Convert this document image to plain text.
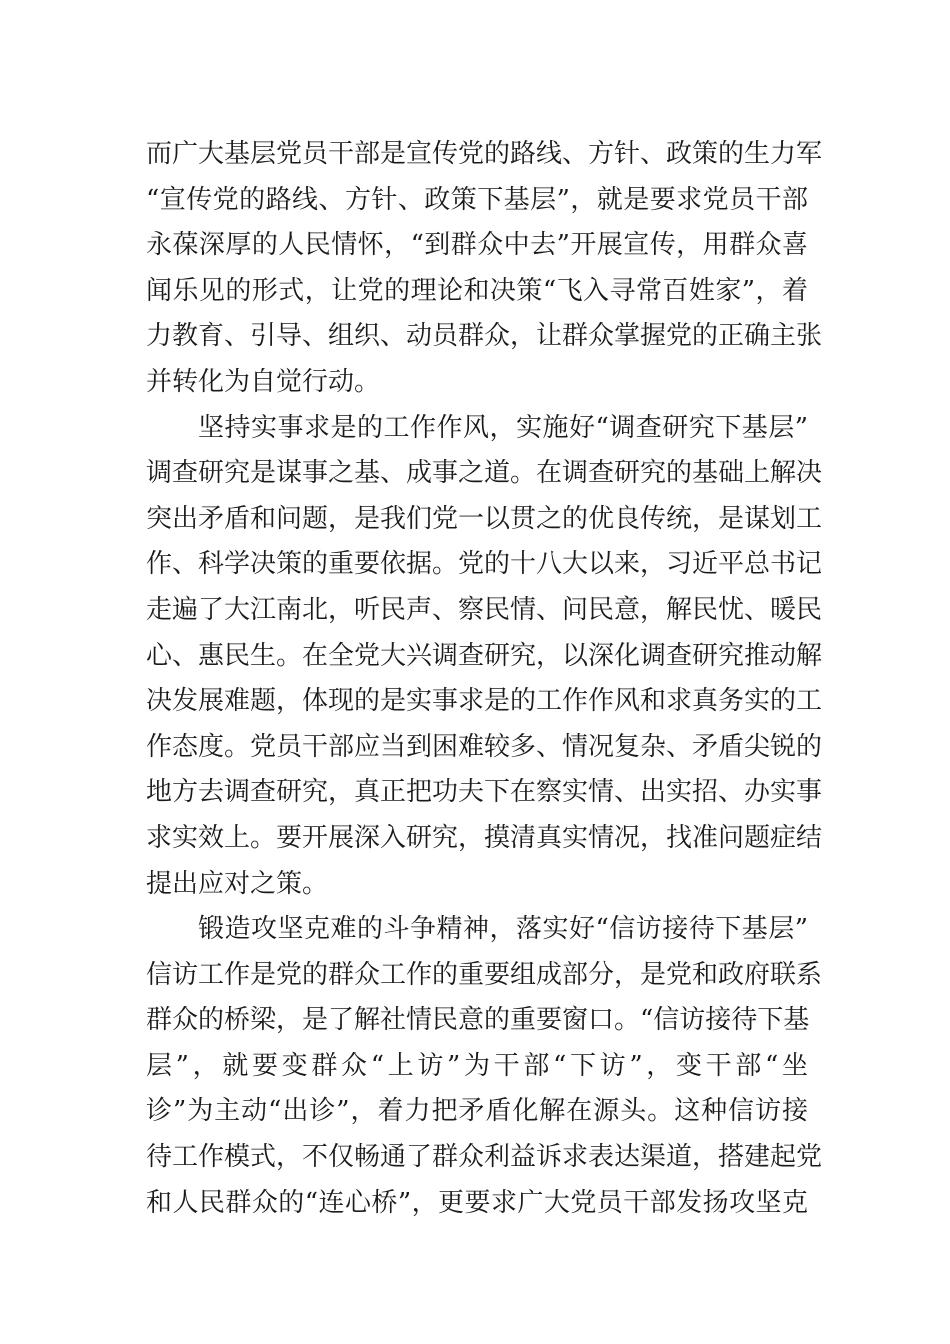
而广大基层党员干部是宣传党的路线、方针、政策的生力军
“宣传党的路线、方针、政策下基层”，就是要求党员干部
永葆深厚的人民情怀，“到群众中去”开展宣传，用群众喜
闻乐见的形式，让党的理论和决策“飞入寻常百姓家”，着
力教育、引导、组织、动员群众，让群众掌握党的正确主张
并转化为自觉行动。
坚持实事求是的工作作风，实施好“调查研究下基层”
调查研究是谋事之基、成事之道。在调查研究的基础上解决
突出矛盾和问题，是我们党一以贯之的优良传统，是谋划工
作、科学决策的重要依据。党的十八大以来，习近平总书记
走遍了大江南北，听民声、察民情、问民意，解民忧、暖民
心、惠民生。在全党大兴调查研究，以深化调查研究推动解
决发展难题，体现的是实事求是的工作作风和求真务实的工
作态度。党员干部应当到困难较多、情况复杂、矛盾尖锐的
地方去调查研究，真正把功夫下在察实情、出实招、办实事
求实效上。要开展深入研究，摸清真实情况，找准问题症结
提出应对之策。
锻造攻坚克难的斗争精神，落实好“信访接待下基层”
信访工作是党的群众工作的重要组成部分，是党和政府联系
群众的桥梁，是了解社情民意的重要窗口。“信访接待下基
层”，就要变群众“上访”为干部“下访”，变干部“坐
诊”为主动“出诊”，着力把矛盾化解在源头。这种信访接
待工作模式，不仅畅通了群众利益诉求表达渠道，搭建起党
和人民群众的“连心桥”，更要求广大党员干部发扬攻坚克
